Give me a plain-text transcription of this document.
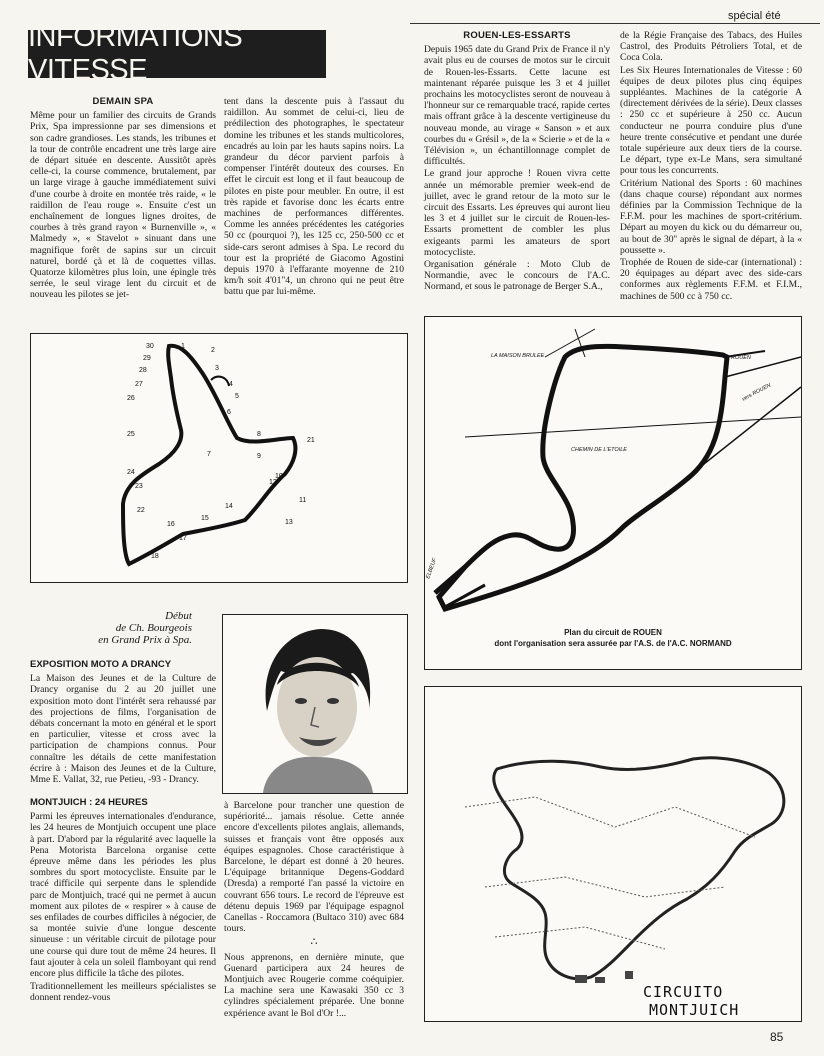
spécial été
INFORMATIONS VITESSE
DEMAIN SPA

Même pour un familier des circuits de Grands Prix, Spa impressionne par ses dimensions et son cadre grandioses. Les stands, les tribunes et la tour de contrôle encadrent une très large aire de départ située en descente. Aussitôt après celle-ci, la course commence, brutalement, par un large virage à gauche immédiatement suivi d'une courbe à droite en montée très raide, « le raidillon de l'eau rouge ». Ensuite c'est un enchaînement de longues lignes droites, de courbes à très grand rayon « Burnenville », « Malmedy », « Stavelot » sinuant dans une magnifique forêt de sapins sur un circuit naturel, bordé çà et là de coquettes villas. Quatorze kilomètres plus loin, une épingle très serrée, le seul virage lent du circuit et de nouveau les pilotes se jet-

tent dans la descente puis à l'assaut du raidillon. Au sommet de celui-ci, lieu de prédilection des photographes, le spectateur domine les tribunes et les stands multicolores, encadrés au loin par les hauts sapins noirs. La grandeur du décor parvient parfois à compenser l'intérêt douteux des courses. En effet le circuit est long et il faut beaucoup de pilotes en piste pour meubler. En outre, il est très rapide et favorise donc les écarts entre machines de performances différentes. Comme les années précédentes les catégories 50 cc (pourquoi ?), les 125 cc, 250-500 cc et side-cars seront admises à Spa. Le record du tour est la propriété de Giacomo Agostini depuis 1970 à l'effarante moyenne de 210 km/h soit 4'01"4, un chrono qui ne peut être battu que par lui-même.

30	1
2
29
28	3
27	4
26	5
6
25
7
8
21
22
24
23
12
13
14
15
16
17
18
9
10
11
Début
de Ch. Bourgeois
en Grand Prix à Spa.
EXPOSITION MOTO A DRANCY

La Maison des Jeunes et de la Culture de Drancy organise du 2 au 20 juillet une exposition moto dont l'intérêt sera rehaussé par des projections de films, l'organisation de débats concernant la moto en général et le sport en particulier, vitesse et cross avec la participation de champions connus. Pour connaître les détails de cette manifestation écrire à : Maison des Jeunes et de la Culture, Mme E. Vallat, 32, rue Petieu, -93 - Drancy.

MONTJUICH : 24 HEURES

Parmi les épreuves internationales d'endurance, les 24 heures de Montjuich occupent une place à part. D'abord par la régularité avec laquelle la Pena Motorista Barcelona organise cette épreuve même dans les périodes les plus sombres du sport motocycliste. Ensuite par le tracé difficile qui serpente dans le splendide parc de Montjuich, tracé qui ne permet à aucun moment aux pilotes de « respirer » à cause de ses enfilades de courbes difficiles à négocier, de sa montée suivie d'une longue descente sinueuse : un véritable circuit de pilotage pour une course qui dure tout de même 24 heures. Il faut ajouter à cela un soleil flamboyant qui rend encore plus difficile la tâche des pilotes.

Traditionnellement les meilleurs spécialistes se donnent rendez-vous

à Barcelone pour trancher une question de supériorité... jamais résolue. Cette année encore d'excellents pilotes anglais, allemands, suisses et français vont être opposés aux équipes espagnoles. Chose caractéristique à Barcelone, le départ est donné à 20 heures. L'équipage britannique Degens-Goddard (Dresda) a remporté l'an passé la victoire en couvrant 656 tours. Le record de l'épreuve est détenu depuis 1969 par l'équipage espagnol Canellas - Roccamora (Bultaco 310) avec 684 tours.

∴

Nous apprenons, en dernière minute, que Guenard participera aux 24 heures de Montjuich avec Rougerie comme coéquipier. La machine sera une Kawasaki 350 cc 3 cylindres spécialement préparée. Une bonne expérience avant le Bol d'Or !...

ROUEN-LES-ESSARTS

Depuis 1965 date du Grand Prix de France il n'y avait plus eu de courses de motos sur le circuit de Rouen-les-Essarts. Cette lacune est maintenant réparée puisque les 3 et 4 juillet prochains les motocyclistes seront de nouveau à l'honneur sur ce remarquable tracé, rapide certes mais offrant grâce à la descente vertigineuse du nouveau monde, au virage « Sanson » et aux courbes du « Grésil », de la « Scierie » et de la « Télévision », un échantillonnage complet de difficultés.

Le grand jour approche ! Rouen vivra cette année un mémorable premier week-end de juillet, avec le grand retour de la moto sur le circuit des Essarts. Les épreuves qui auront lieu les 3 et 4 juillet sur le circuit de Rouen-les-Essarts promettent de combler les plus exigeants parmi les amateurs de sport motocycliste.

Organisation générale : Moto Club de Normandie, avec le concours de l'A.C. Normand, et sous le patronage de Berger S.A.,

de la Régie Française des Tabacs, des Huiles Castrol, des Produits Pétroliers Total, et de Coca Cola.

Les Six Heures Internationales de Vitesse : 60 équipes de deux pilotes plus cinq équipes suppléantes. Machines de la catégorie A (directement dérivées de la série). Deux classes : 250 cc et supérieure à 250 cc. Aucun conducteur ne pourra conduire plus d'une heure trente consécutive et pendant une durée totale supérieure aux deux tiers de la course. Le départ, type ex-Le Mans, sera simultané pour tous les concurrents.

Critérium National des Sports : 60 machines (dans chaque course) répondant aux normes définies par la Commission Technique de la F.F.M. pour les machines de sport-critérium. Départ au moyen du kick ou du démarreur ou, au bout de 30'' après le signal de départ, à la « poussette ».

Trophée de Rouen de side-car (international) : 20 équipages au départ avec des side-cars conformes aux règlements F.F.M. et F.I.M., machines de 500 cc à 750 cc.

LA MAISON BRULEE	ROUEN
vers ROUEN
CHEMIN DE L'ETOILE
ELBEUF
Plan du circuit de ROUEN
dont l'organisation sera assurée par l'A.S. de l'A.C. NORMAND
CIRCUITO
MONTJUICH
85
